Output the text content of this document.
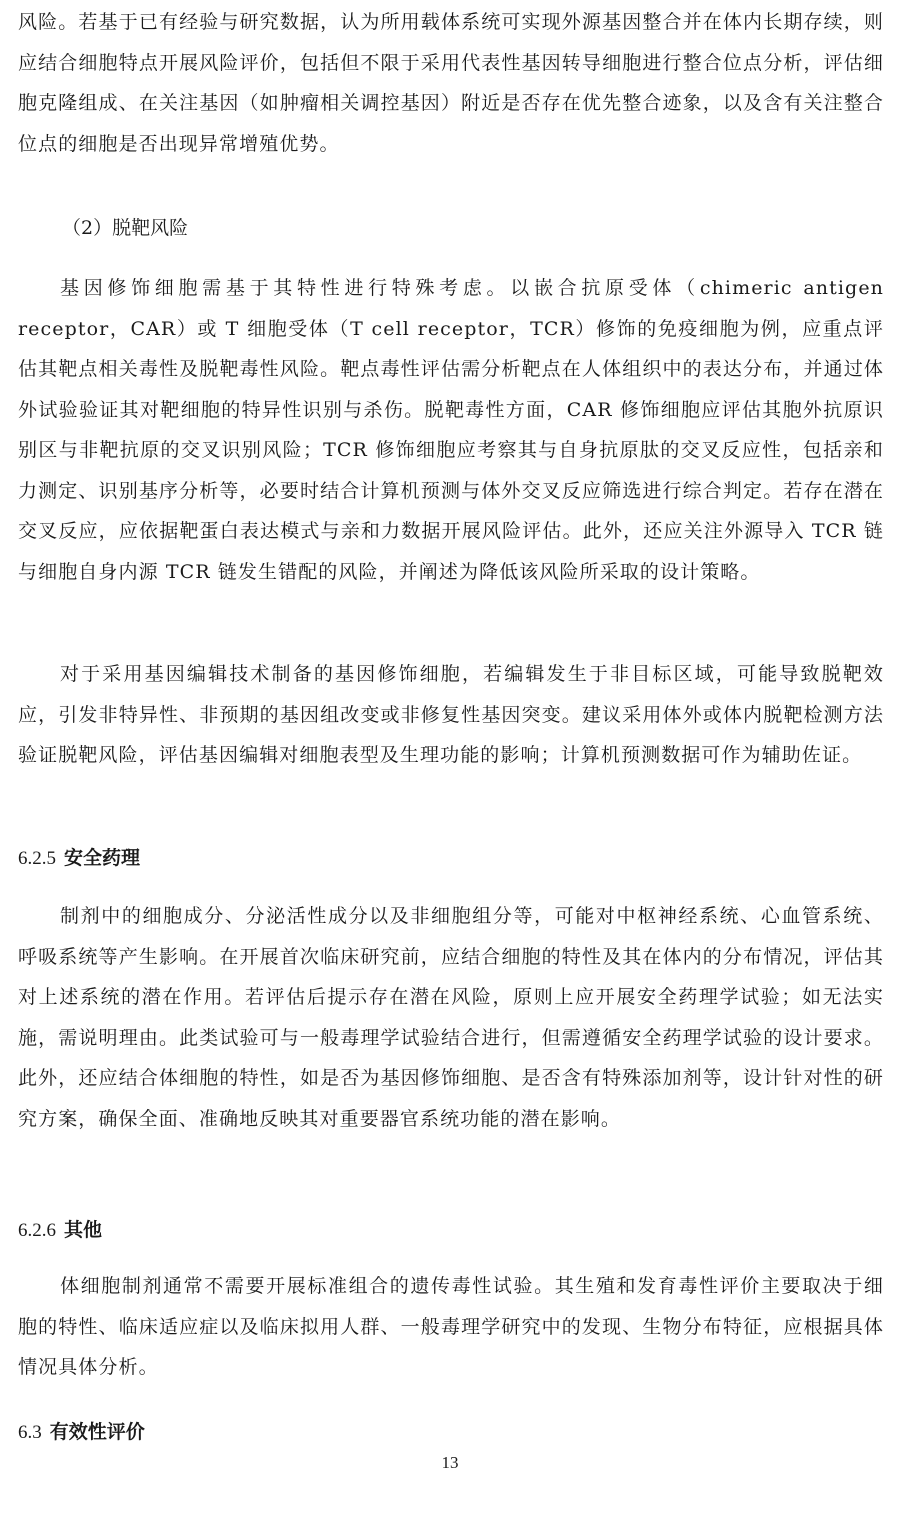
风险。若基于已有经验与研究数据，认为所用载体系统可实现外源基因整合并在体内长期存续，则应结合细胞特点开展风险评价，包括但不限于采用代表性基因转导细胞进行整合位点分析，评估细胞克隆组成、在关注基因（如肿瘤相关调控基因）附近是否存在优先整合迹象，以及含有关注整合位点的细胞是否出现异常增殖优势。

（2）脱靶风险

基因修饰细胞需基于其特性进行特殊考虑。以嵌合抗原受体（chimeric antigen receptor，CAR）或 T 细胞受体（T cell receptor，TCR）修饰的免疫细胞为例，应重点评估其靶点相关毒性及脱靶毒性风险。靶点毒性评估需分析靶点在人体组织中的表达分布，并通过体外试验验证其对靶细胞的特异性识别与杀伤。脱靶毒性方面，CAR 修饰细胞应评估其胞外抗原识别区与非靶抗原的交叉识别风险；TCR 修饰细胞应考察其与自身抗原肽的交叉反应性，包括亲和力测定、识别基序分析等，必要时结合计算机预测与体外交叉反应筛选进行综合判定。若存在潜在交叉反应，应依据靶蛋白表达模式与亲和力数据开展风险评估。此外，还应关注外源导入 TCR 链与细胞自身内源 TCR 链发生错配的风险，并阐述为降低该风险所采取的设计策略。

对于采用基因编辑技术制备的基因修饰细胞，若编辑发生于非目标区域，可能导致脱靶效应，引发非特异性、非预期的基因组改变或非修复性基因突变。建议采用体外或体内脱靶检测方法验证脱靶风险，评估基因编辑对细胞表型及生理功能的影响；计算机预测数据可作为辅助佐证。

6.2.5 安全药理

制剂中的细胞成分、分泌活性成分以及非细胞组分等，可能对中枢神经系统、心血管系统、呼吸系统等产生影响。在开展首次临床研究前，应结合细胞的特性及其在体内的分布情况，评估其对上述系统的潜在作用。若评估后提示存在潜在风险，原则上应开展安全药理学试验；如无法实施，需说明理由。此类试验可与一般毒理学试验结合进行，但需遵循安全药理学试验的设计要求。此外，还应结合体细胞的特性，如是否为基因修饰细胞、是否含有特殊添加剂等，设计针对性的研究方案，确保全面、准确地反映其对重要器官系统功能的潜在影响。

6.2.6 其他

体细胞制剂通常不需要开展标准组合的遗传毒性试验。其生殖和发育毒性评价主要取决于细胞的特性、临床适应症以及临床拟用人群、一般毒理学研究中的发现、生物分布特征，应根据具体情况具体分析。

6.3 有效性评价
13
